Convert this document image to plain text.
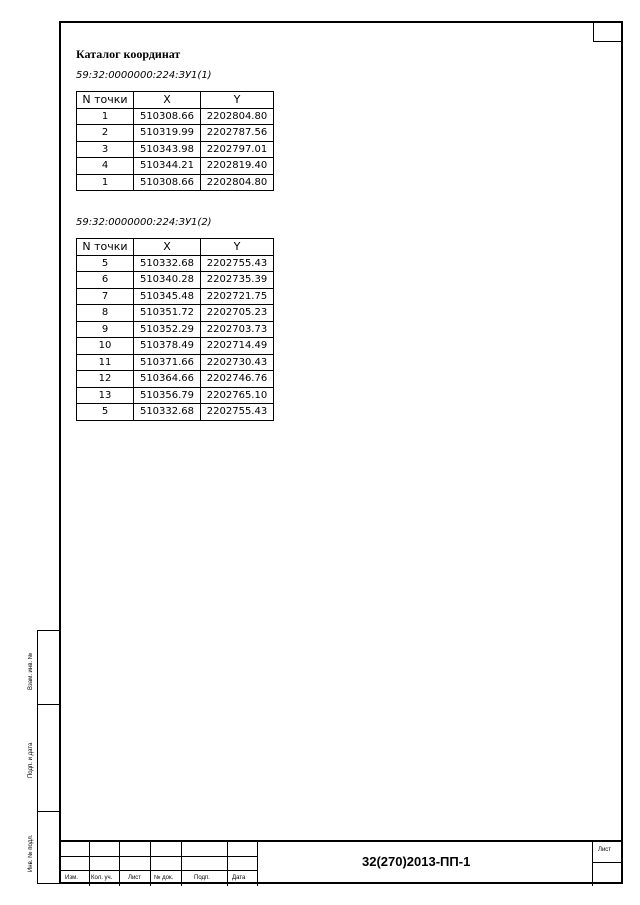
Каталог координат
59:32:0000000:224:ЗУ1(1)
N точки	X	Y
1	510308.66	2202804.80
2	510319.99	2202787.56
3	510343.98	2202797.01
4	510344.21	2202819.40
1	510308.66	2202804.80
59:32:0000000:224:ЗУ1(2)
N точки	X	Y
5	510332.68	2202755.43
6	510340.28	2202735.39
7	510345.48	2202721.75
8	510351.72	2202705.23
9	510352.29	2202703.73
10	510378.49	2202714.49
11	510371.66	2202730.43
12	510364.66	2202746.76
13	510356.79	2202765.10
5	510332.68	2202755.43
Взам. инв. №
Подп. и дата
Инв. № подл.
Изм. Кол. уч.	Лист № док.	Подп.	Дата
Лист
32(270)2013-ПП-1
